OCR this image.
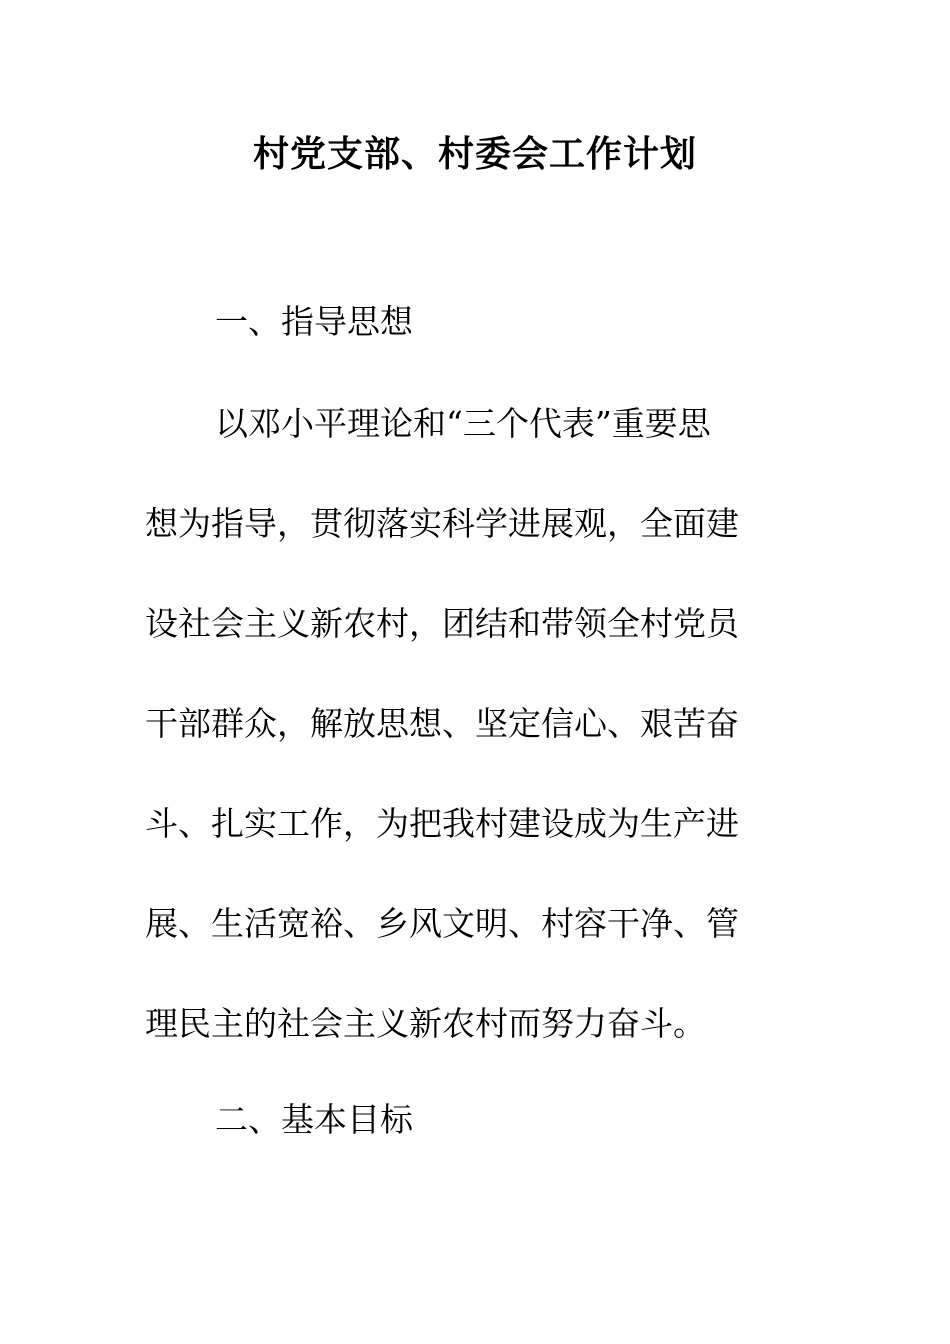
村党支部、村委会工作计划

一、指导思想

以邓小平理论和“三个代表”重要思

想为指导，贯彻落实科学进展观，全面建

设社会主义新农村，团结和带领全村党员

干部群众，解放思想、坚定信心、艰苦奋

斗、扎实工作，为把我村建设成为生产进

展、生活宽裕、乡风文明、村容干净、管

理民主的社会主义新农村而努力奋斗。

二、基本目标
